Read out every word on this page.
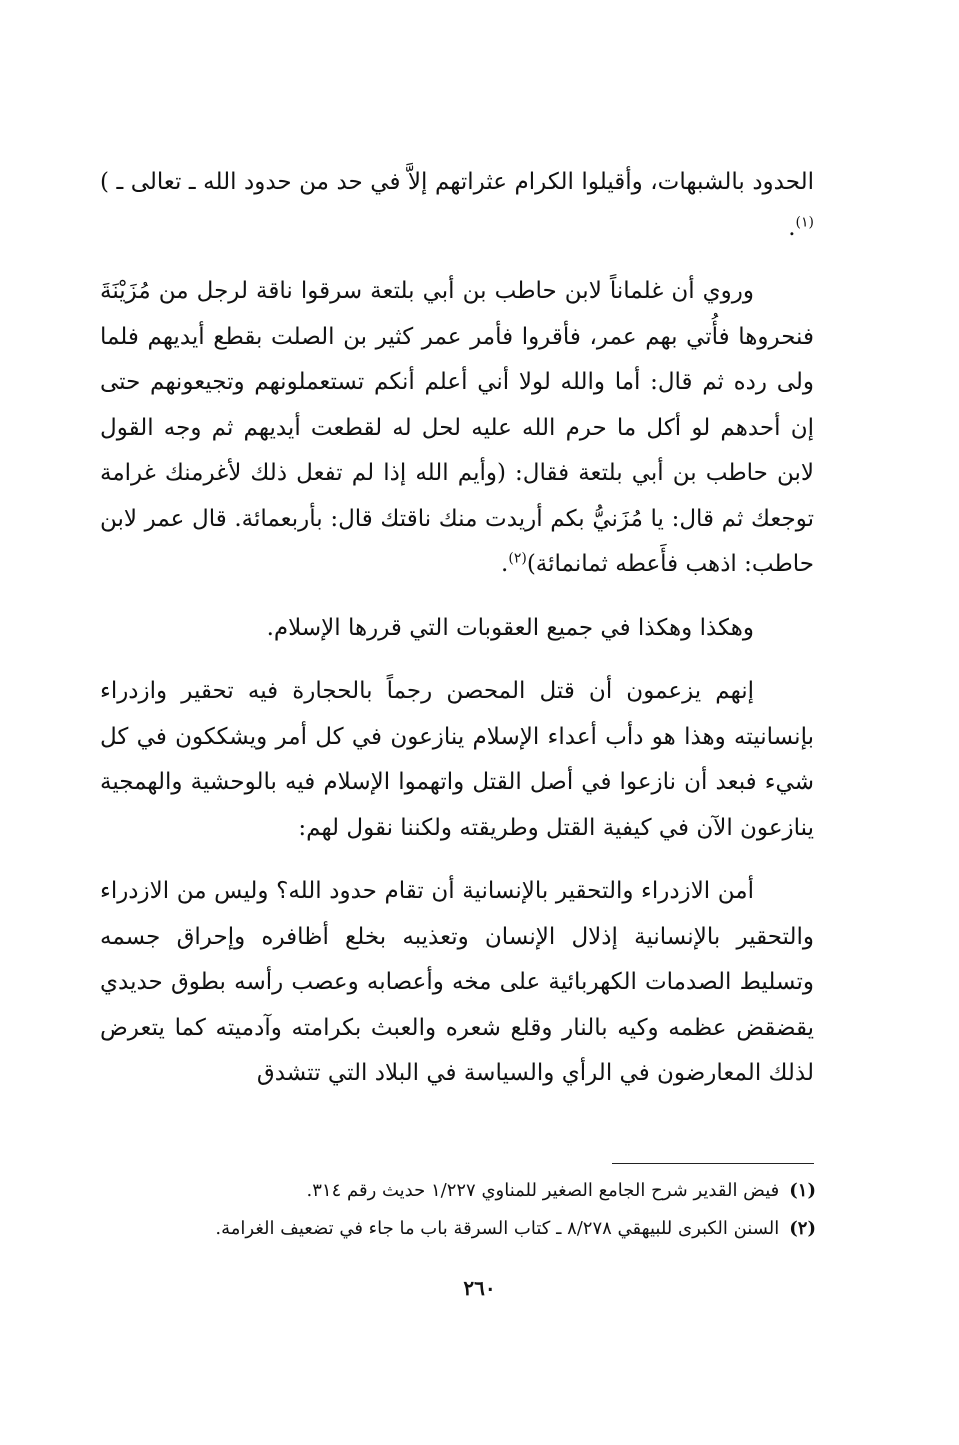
الحدود بالشبهات، وأقيلوا الكرام عثراتهم إلاَّ في حد من حدود الله ـ تعالى ـ )$^{(١)}$.

وروي أن غلماناً لابن حاطب بن أبي بلتعة سرقوا ناقة لرجل من مُزَيْنَةَ فنحروها فأُتي بهم عمر، فأقروا فأمر عمر كثير بن الصلت بقطع أيديهم فلما ولى رده ثم قال: أما والله لولا أني أعلم أنكم تستعملونهم وتجيعونهم حتى إن أحدهم لو أكل ما حرم الله عليه لحل له لقطعت أيديهم ثم وجه القول لابن حاطب بن أبي بلتعة فقال: (وأيم الله إذا لم تفعل ذلك لأغرمنك غرامة توجعك ثم قال: يا مُزَنيُّ بكم أريدت منك ناقتك قال: بأربعمائة. قال عمر لابن حاطب: اذهب فأَعطه ثمانمائة)$^{(٢)}$.

وهكذا وهكذا في جميع العقوبات التي قررها الإسلام.

إنهم يزعمون أن قتل المحصن رجماً بالحجارة فيه تحقير وازدراء بإنسانيته وهذا هو دأب أعداء الإسلام ينازعون في كل أمر ويشككون في كل شيء فبعد أن نازعوا في أصل القتل واتهموا الإسلام فيه بالوحشية والهمجية ينازعون الآن في كيفية القتل وطريقته ولكننا نقول لهم:

أمن الازدراء والتحقير بالإنسانية أن تقام حدود الله؟ وليس من الازدراء والتحقير بالإنسانية إذلال الإنسان وتعذيبه بخلع أظافره وإحراق جسمه وتسليط الصدمات الكهربائية على مخه وأعصابه وعصب رأسه بطوق حديدي يقضقض عظمه وكيه بالنار وقلع شعره والعبث بكرامته وآدميته كما يتعرض لذلك المعارضون في الرأي والسياسة في البلاد التي تتشدق

(١)فيض القدير شرح الجامع الصغير للمناوي ١/٢٢٧ حديث رقم ٣١٤.

(٢)السنن الكبرى للبيهقي ٨/٢٧٨ ـ كتاب السرقة باب ما جاء في تضعيف الغرامة.

٢٦٠
